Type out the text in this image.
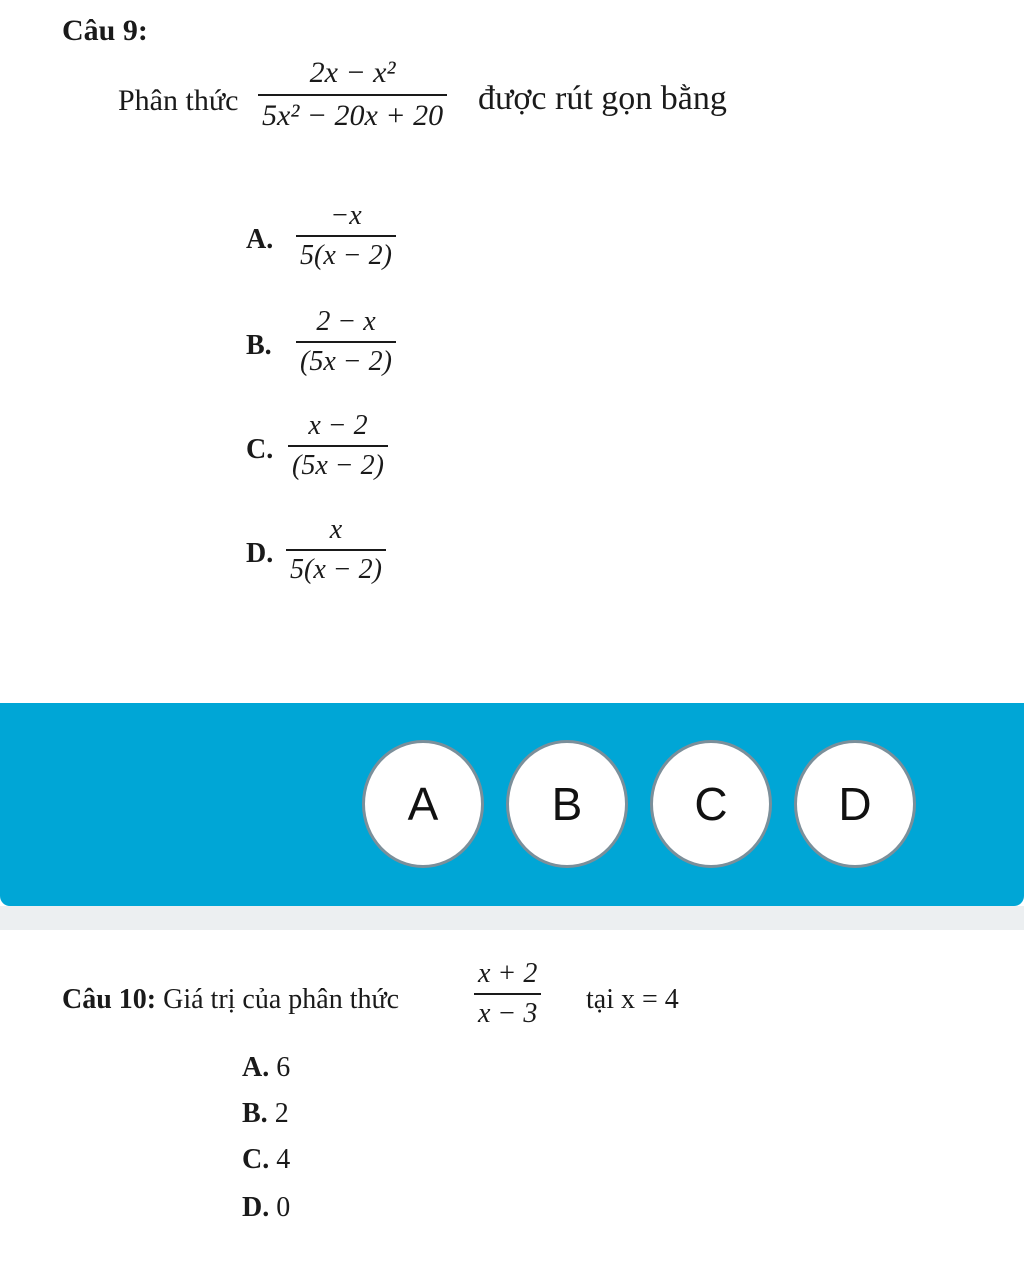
Câu 9:
Phân thức
2x − x²
5x² − 20x + 20 được rút gọn bằng
A.
−x
5(x − 2)
B.
2 − x
(5x − 2)
C.
x − 2
(5x − 2)
D.
x
5(x − 2)
A	B	C	D
Câu 10: Giá trị của phân thức
x + 2
x − 3 tại x = 4
A. 6
B. 2
C. 4
D. 0
